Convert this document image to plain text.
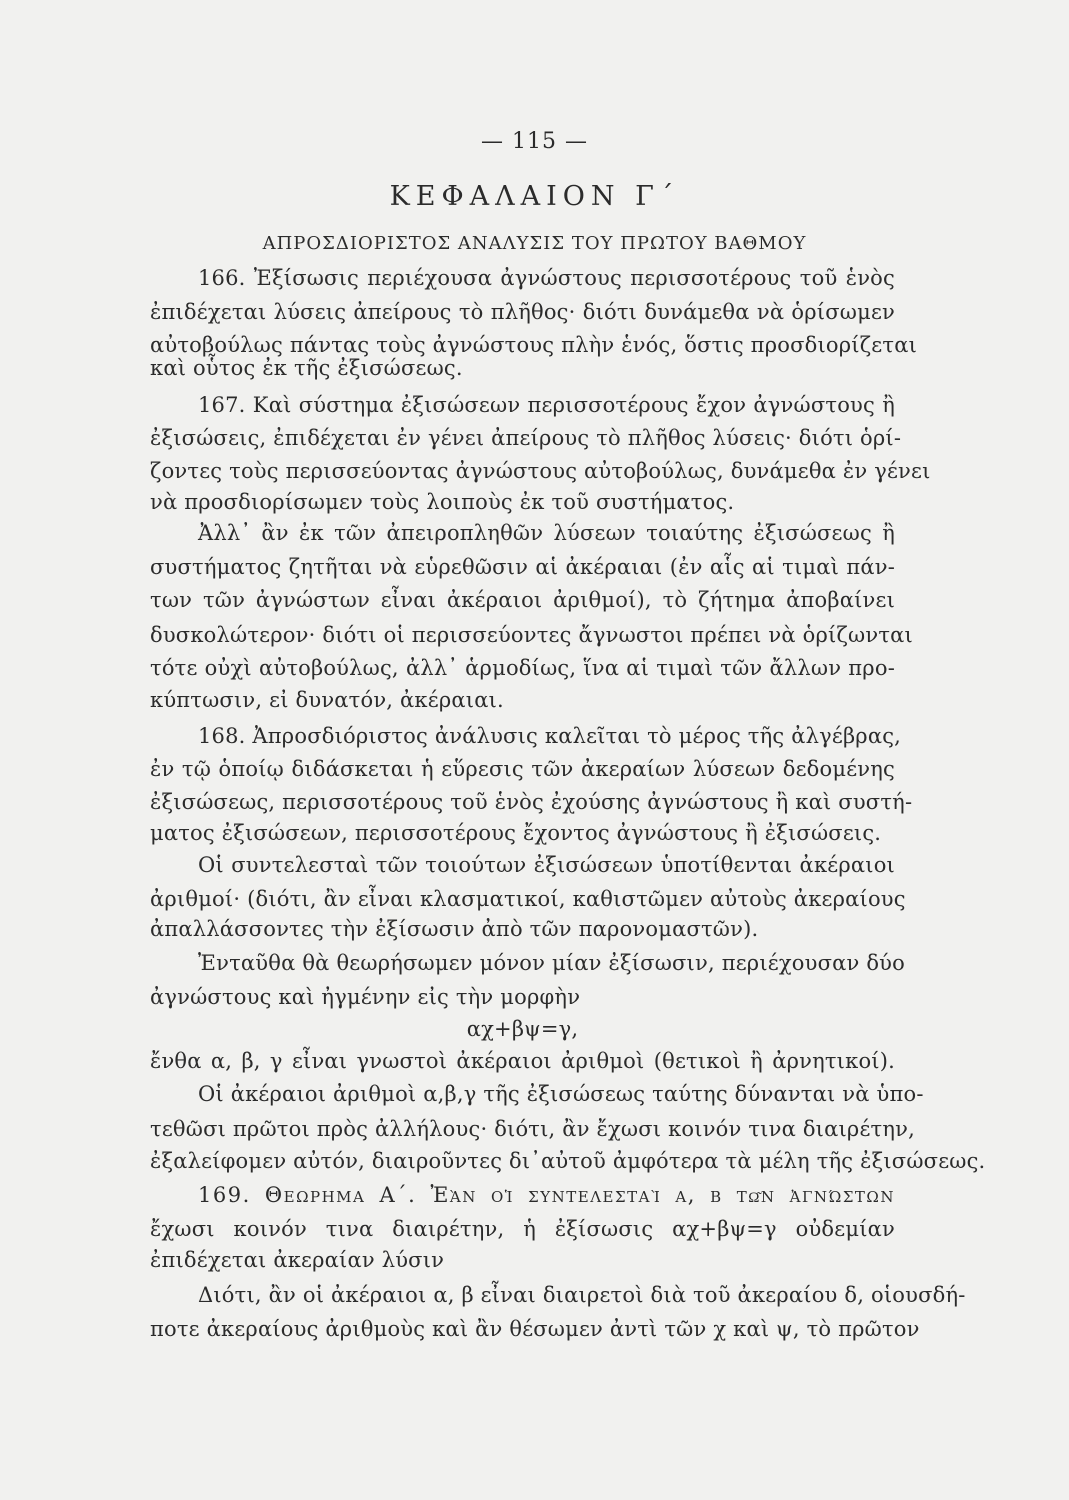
— 115 —
ΚΕΦΑΛΑΙΟΝ Γ΄
ΑΠΡΟΣΔΙΟΡΙΣΤΟΣ ΑΝΑΛΥΣΙΣ ΤΟΥ ΠΡΩΤΟΥ ΒΑΘΜΟΥ
166. Ἐξίσωσις περιέχουσα ἀγνώστους περισσοτέρους τοῦ ἑνὸς
ἐπιδέχεται λύσεις ἀπείρους τὸ πλῆθος· διότι δυνάμεθα νὰ ὁρίσωμεν
αὐτοβούλως πάντας τοὺς ἀγνώστους πλὴν ἑνός, ὅστις προσδιορίζεται
καὶ οὗτος ἐκ τῆς ἐξισώσεως.
167. Καὶ σύστημα ἐξισώσεων περισσοτέρους ἔχον ἀγνώστους ἢ
ἐξισώσεις, ἐπιδέχεται ἐν γένει ἀπείρους τὸ πλῆθος λύσεις· διότι ὁρί-
ζοντες τοὺς περισσεύοντας ἀγνώστους αὐτοβούλως, δυνάμεθα ἐν γένει
νὰ προσδιορίσωμεν τοὺς λοιποὺς ἐκ τοῦ συστήματος.
Ἀλλ᾿ ἂν ἐκ τῶν ἀπειροπληθῶν λύσεων τοιαύτης ἐξισώσεως ἢ
συστήματος ζητῆται νὰ εὑρεθῶσιν αἱ ἀκέραιαι (ἐν αἷς αἱ τιμαὶ πάν-
των τῶν ἀγνώστων εἶναι ἀκέραιοι ἀριθμοί), τὸ ζήτημα ἀποβαίνει
δυσκολώτερον· διότι οἱ περισσεύοντες ἄγνωστοι πρέπει νὰ ὁρίζωνται
τότε οὐχὶ αὐτοβούλως, ἀλλ᾿ ἁρμοδίως, ἵνα αἱ τιμαὶ τῶν ἄλλων προ-
κύπτωσιν, εἰ δυνατόν, ἀκέραιαι.
168. Ἀπροσδιόριστος ἀνάλυσις καλεῖται τὸ μέρος τῆς ἀλγέβρας,
ἐν τῷ ὁποίῳ διδάσκεται ἡ εὕρεσις τῶν ἀκεραίων λύσεων δεδομένης
ἐξισώσεως, περισσοτέρους τοῦ ἑνὸς ἐχούσης ἀγνώστους ἢ καὶ συστή-
ματος ἐξισώσεων, περισσοτέρους ἔχοντος ἀγνώστους ἢ ἐξισώσεις.
Οἱ συντελεσταὶ τῶν τοιούτων ἐξισώσεων ὑποτίθενται ἀκέραιοι
ἀριθμοί· (διότι, ἂν εἶναι κλασματικοί, καθιστῶμεν αὐτοὺς ἀκεραίους
ἀπαλλάσσοντες τὴν ἐξίσωσιν ἀπὸ τῶν παρονομαστῶν).
Ἐνταῦθα θὰ θεωρήσωμεν μόνον μίαν ἐξίσωσιν, περιέχουσαν δύο
ἀγνώστους καὶ ἠγμένην εἰς τὴν μορφὴν
αχ+βψ=γ,
ἔνθα α, β, γ εἶναι γνωστοὶ ἀκέραιοι ἀριθμοὶ (θετικοὶ ἢ ἀρνητικοί).
Οἱ ἀκέραιοι ἀριθμοὶ α,β,γ τῆς ἐξισώσεως ταύτης δύνανται νὰ ὑπο-
τεθῶσι πρῶτοι πρὸς ἀλλήλους· διότι, ἂν ἔχωσι κοινόν τινα διαιρέτην,
ἐξαλείφομεν αὐτόν, διαιροῦντες δι᾿αὐτοῦ ἀμφότερα τὰ μέλη τῆς ἐξισώσεως.
169. Θεωρημα Α΄. Ἐὰν οἱ συντελεσταὶ α, β τῶν ἀγνώστων
ἔχωσι κοινόν τινα διαιρέτην, ἡ ἐξίσωσις αχ+βψ=γ οὐδεμίαν
ἐπιδέχεται ἀκεραίαν λύσιν
Διότι, ἂν οἱ ἀκέραιοι α, β εἶναι διαιρετοὶ διὰ τοῦ ἀκεραίου δ, οἱουσδή-
ποτε ἀκεραίους ἀριθμοὺς καὶ ἂν θέσωμεν ἀντὶ τῶν χ καὶ ψ, τὸ πρῶτον
